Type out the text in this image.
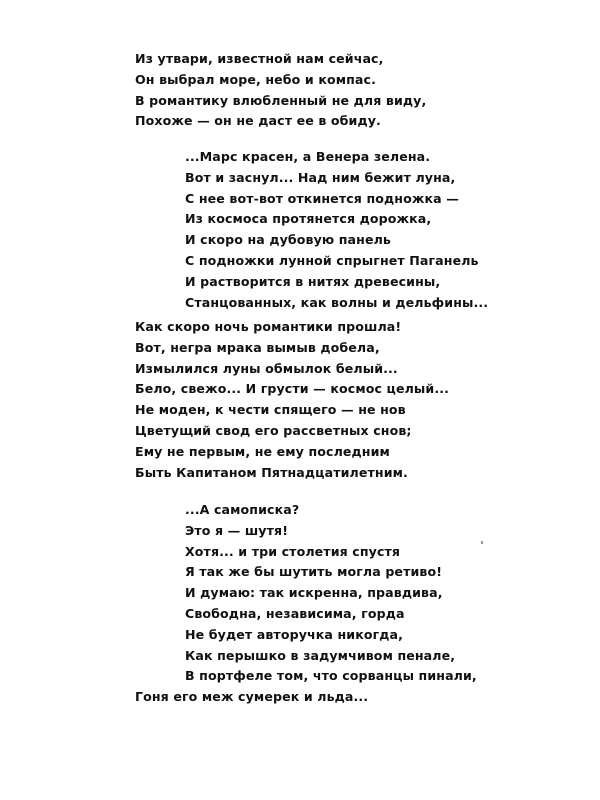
Из утвари, известной нам сейчас,
Он выбрал море, небо и компас.
В романтику влюбленный не для виду,
Похоже — он не даст ее в обиду.
...Марс красен, а Венера зелена.
Вот и заснул... Над ним бежит луна,
С нее вот-вот откинется подножка —
Из космоса протянется дорожка,
И скоро на дубовую панель
С подножки лунной спрыгнет Паганель
И растворится в нитях древесины,
Станцованных, как волны и дельфины...
Как скоро ночь романтики прошла!
Вот, негра мрака вымыв добела,
Измылился луны обмылок белый...
Бело, свежо... И грусти — космос целый...
Не моден, к чести спящего — не нов
Цветущий свод его рассветных снов;
Ему не первым, не ему последним
Быть Капитаном Пятнадцатилетним.
...А самописка?
Это я — шутя!
Хотя... и три столетия спустя
Я так же бы шутить могла ретиво!
И думаю: так искренна, правдива,
Свободна, независима, горда
Не будет авторучка никогда,
Как перышко в задумчивом пенале,
В портфеле том, что сорванцы пинали,
Гоня его меж сумерек и льда...
